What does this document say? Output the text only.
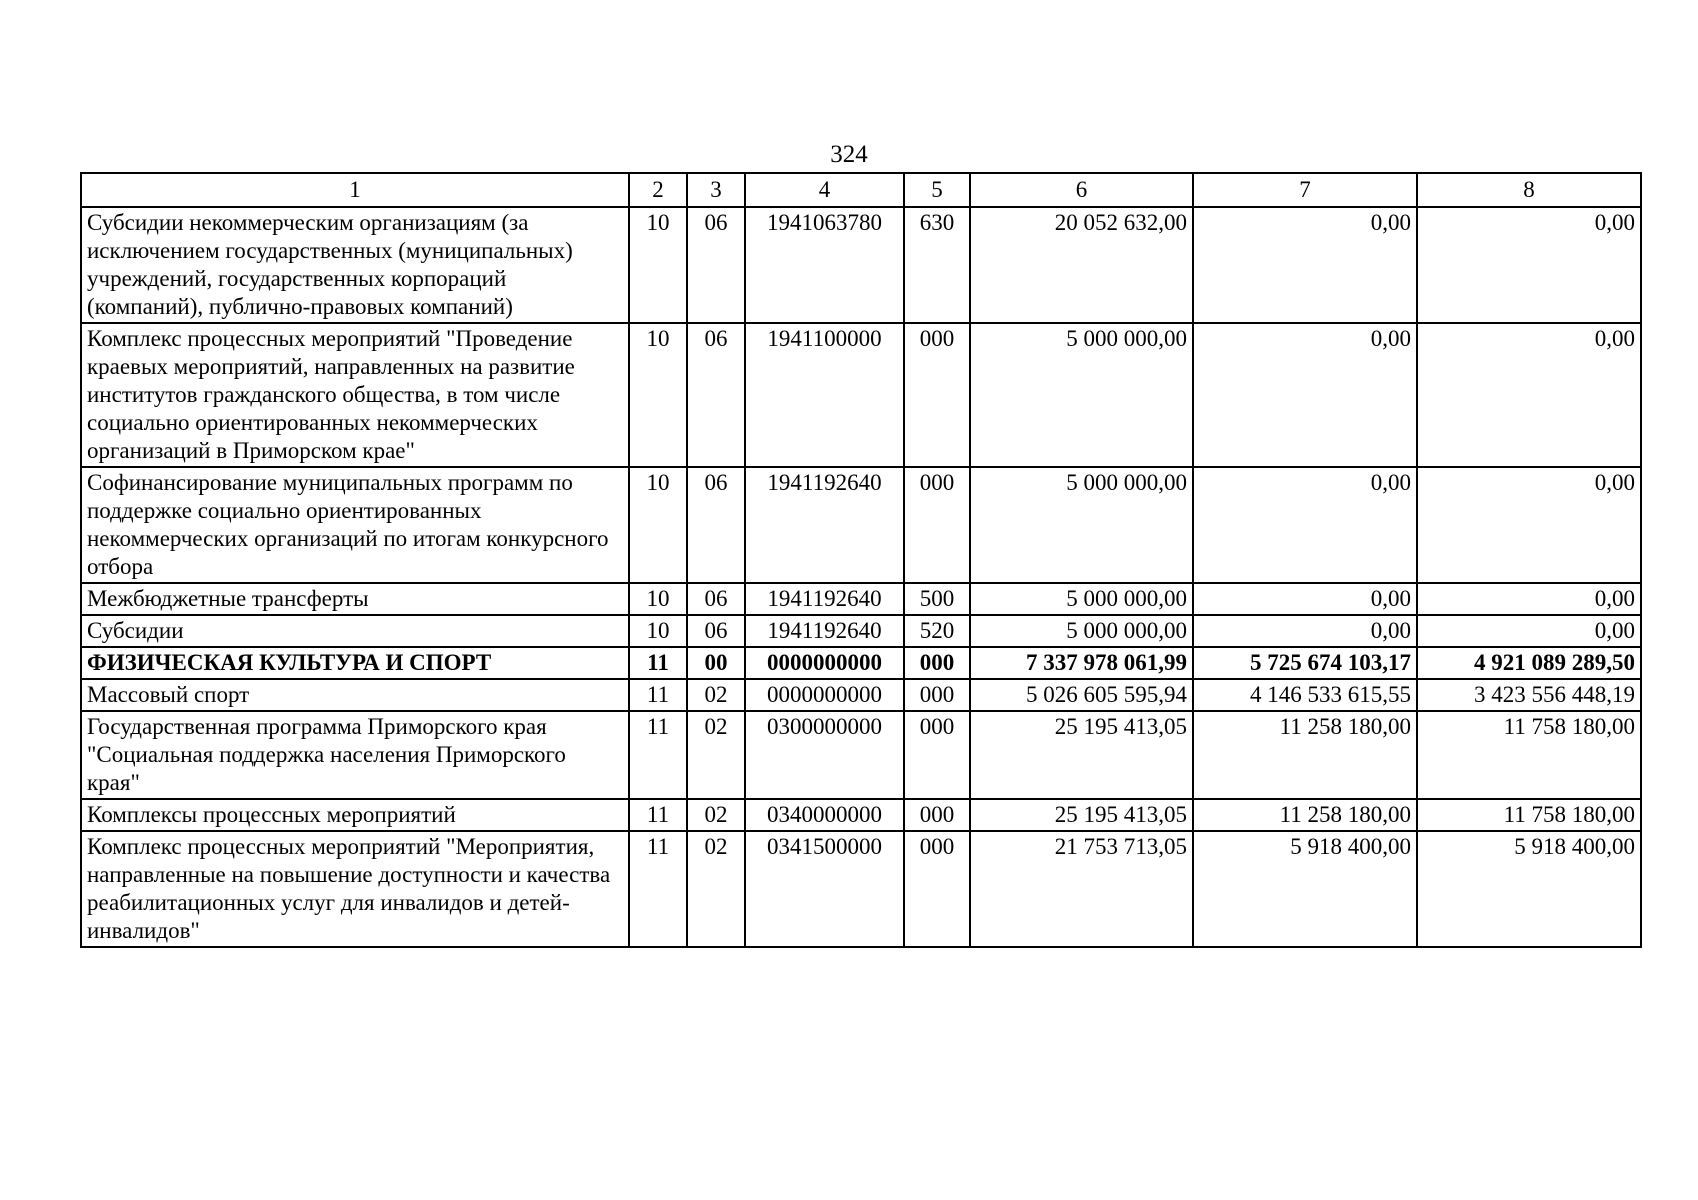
324
1	2	3	4	5	6	7	8
Субсидии некоммерческим организациям (за исключением государственных (муниципальных) учреждений, государственных корпораций (компаний), публично-правовых компаний)	10	06	1941063780	630	20 052 632,00	0,00	0,00
Комплекс процессных мероприятий "Проведение краевых мероприятий, направленных на развитие институтов гражданского общества, в том числе социально ориентированных некоммерческих организаций в Приморском крае"	10	06	1941100000	000	5 000 000,00	0,00	0,00
Софинансирование муниципальных программ по поддержке социально ориентированных некоммерческих организаций по итогам конкурсного отбора	10	06	1941192640	000	5 000 000,00	0,00	0,00
Межбюджетные трансферты	10	06	1941192640	500	5 000 000,00	0,00	0,00
Субсидии	10	06	1941192640	520	5 000 000,00	0,00	0,00
ФИЗИЧЕСКАЯ КУЛЬТУРА И СПОРТ	11	00	0000000000	000	7 337 978 061,99	5 725 674 103,17	4 921 089 289,50
Массовый спорт	11	02	0000000000	000	5 026 605 595,94	4 146 533 615,55	3 423 556 448,19
Государственная программа Приморского края "Социальная поддержка населения Приморского края"	11	02	0300000000	000	25 195 413,05	11 258 180,00	11 758 180,00
Комплексы процессных мероприятий	11	02	0340000000	000	25 195 413,05	11 258 180,00	11 758 180,00
Комплекс процессных мероприятий "Мероприятия, направленные на повышение доступности и качества реабилитационных услуг для инвалидов и детей-инвалидов"	11	02	0341500000	000	21 753 713,05	5 918 400,00	5 918 400,00
